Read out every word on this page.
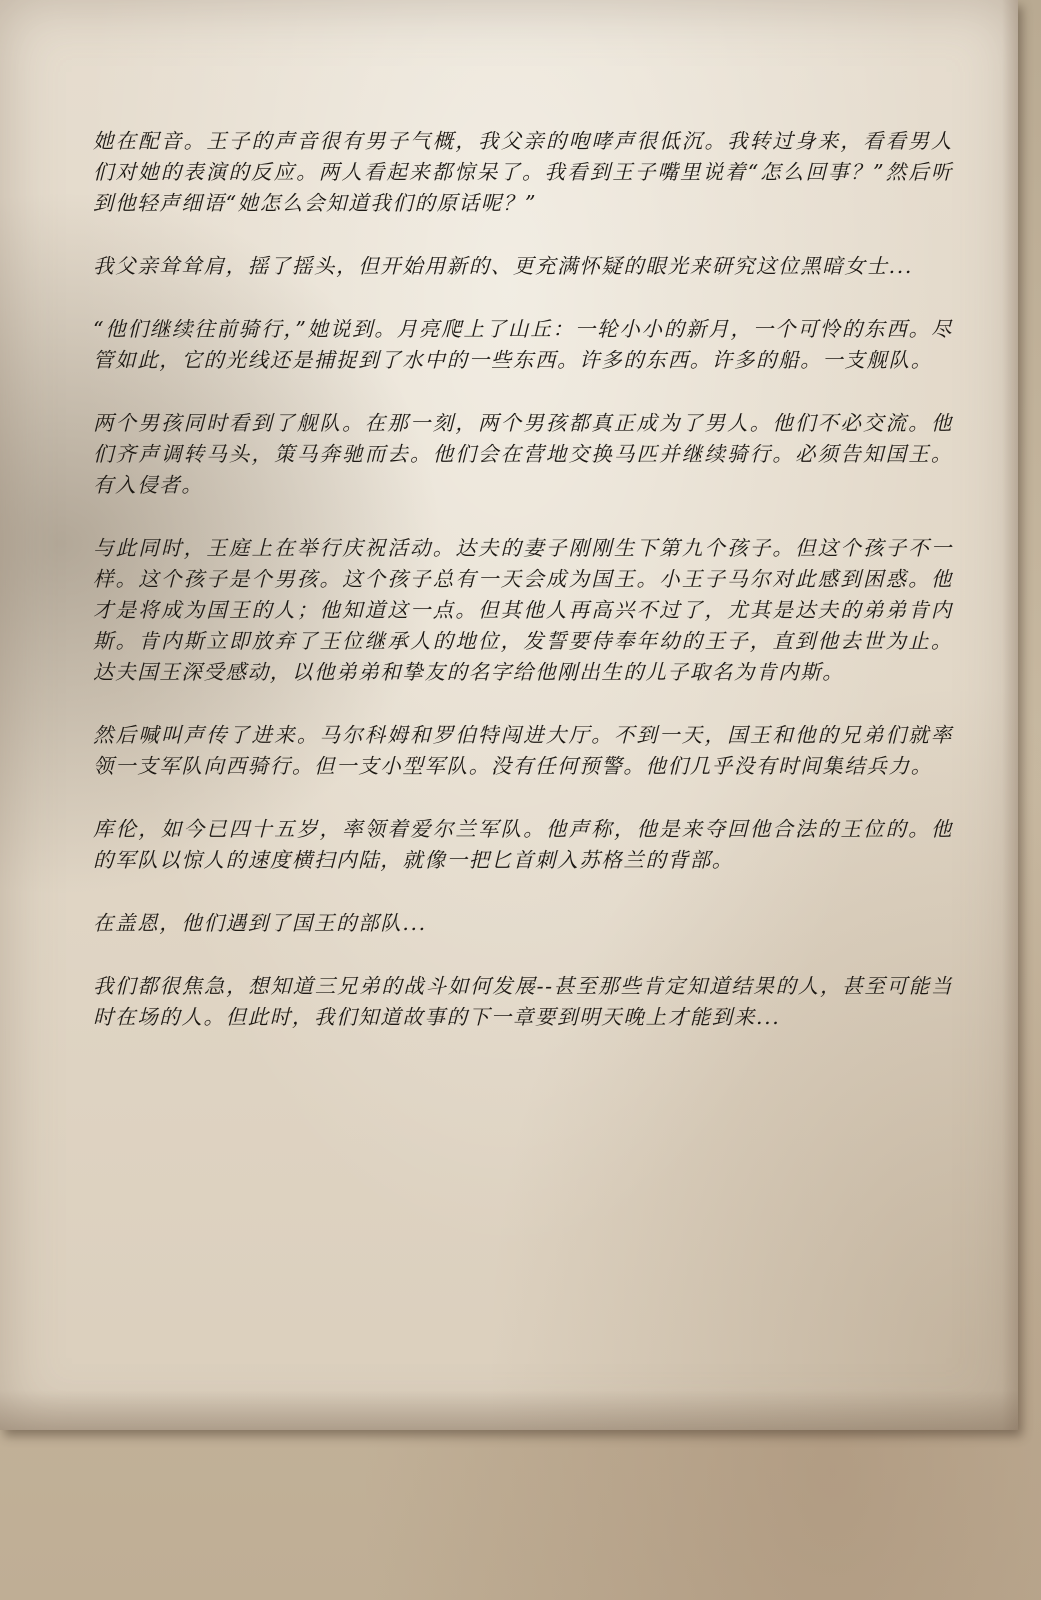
她在配音。王子的声音很有男子气概，我父亲的咆哮声很低沉。我转过身来，看看男人们对她的表演的反应。两人看起来都惊呆了。我看到王子嘴里说着“怎么回事？”然后听到他轻声细语“她怎么会知道我们的原话呢？”

我父亲耸耸肩，摇了摇头，但开始用新的、更充满怀疑的眼光来研究这位黑暗女士...

“他们继续往前骑行，”她说到。月亮爬上了山丘：一轮小小的新月，一个可怜的东西。尽管如此，它的光线还是捕捉到了水中的一些东西。许多的东西。许多的船。一支舰队。

两个男孩同时看到了舰队。在那一刻，两个男孩都真正成为了男人。他们不必交流。他们齐声调转马头，策马奔驰而去。他们会在营地交换马匹并继续骑行。必须告知国王。有入侵者。

与此同时，王庭上在举行庆祝活动。达夫的妻子刚刚生下第九个孩子。但这个孩子不一样。这个孩子是个男孩。这个孩子总有一天会成为国王。小王子马尔对此感到困惑。他才是将成为国王的人；他知道这一点。但其他人再高兴不过了，尤其是达夫的弟弟肯内斯。肯内斯立即放弃了王位继承人的地位，发誓要侍奉年幼的王子，直到他去世为止。达夫国王深受感动，以他弟弟和挚友的名字给他刚出生的儿子取名为肯内斯。

然后喊叫声传了进来。马尔科姆和罗伯特闯进大厅。不到一天，国王和他的兄弟们就率领一支军队向西骑行。但一支小型军队。没有任何预警。他们几乎没有时间集结兵力。

库伦，如今已四十五岁，率领着爱尔兰军队。他声称，他是来夺回他合法的王位的。他的军队以惊人的速度横扫内陆，就像一把匕首刺入苏格兰的背部。

在盖恩，他们遇到了国王的部队...

我们都很焦急，想知道三兄弟的战斗如何发展--甚至那些肯定知道结果的人，甚至可能当时在场的人。但此时，我们知道故事的下一章要到明天晚上才能到来...
